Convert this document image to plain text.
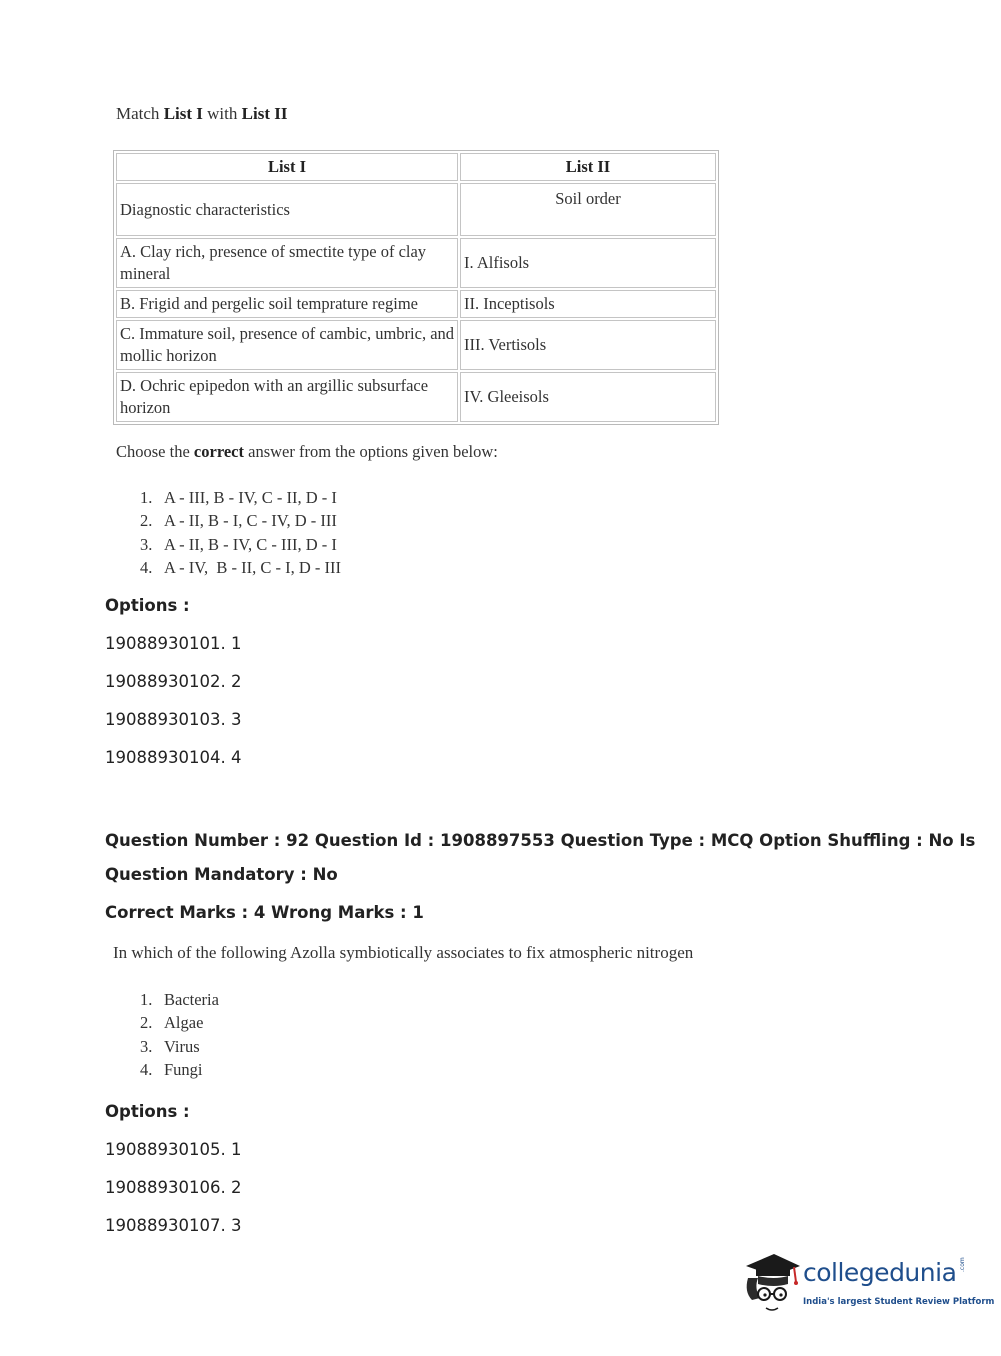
Match List I with List II
List I	List II
Diagnostic characteristics	Soil order
A. Clay rich, presence of smectite type of clay mineral	I. Alfisols
B. Frigid and pergelic soil temprature regime	II. Inceptisols
C. Immature soil, presence of cambic, umbric, and mollic horizon	III. Vertisols
D. Ochric epipedon with an argillic subsurface horizon	IV. Gleeisols
Choose the correct answer from the options given below:
1. A - III, B - IV, C - II, D - I
2. A - II, B - I, C - IV, D - III
3. A - II, B - IV, C - III, D - I
4. A - IV,  B - II, C - I, D - III
Options :
19088930101. 1
19088930102. 2
19088930103. 3
19088930104. 4
Question Number : 92 Question Id : 1908897553 Question Type : MCQ Option Shuffling : No Is
Question Mandatory : No
Correct Marks : 4 Wrong Marks : 1
In which of the following Azolla symbiotically associates to fix atmospheric nitrogen
1. Bacteria
2. Algae
3. Virus
4. Fungi
Options :
19088930105. 1
19088930106. 2
19088930107. 3
collegedunia .com
India's largest Student Review Platform
